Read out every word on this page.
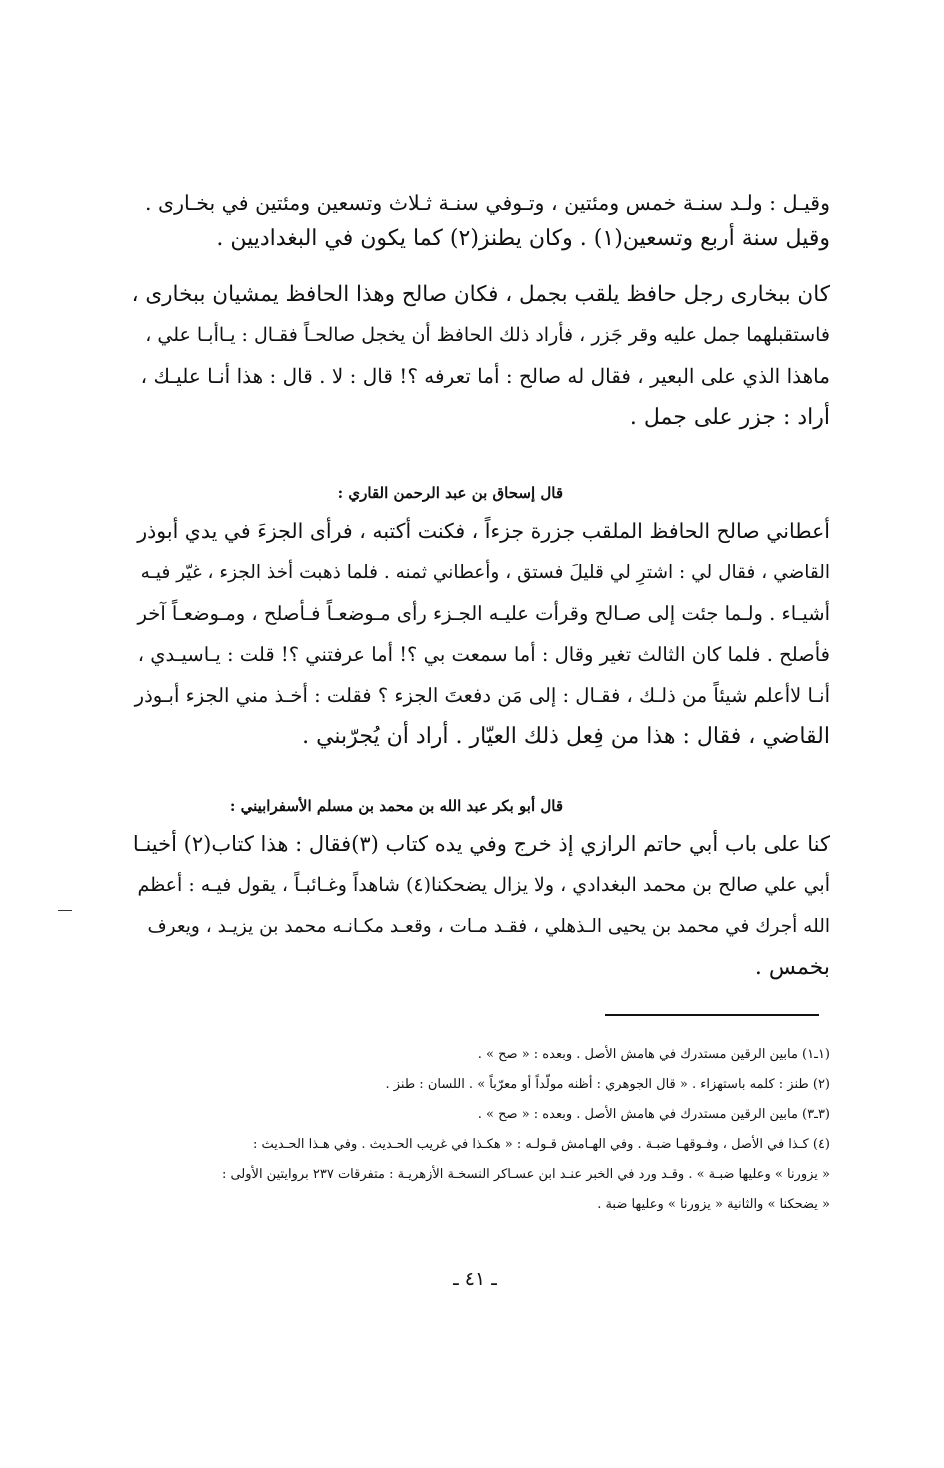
وقيـل : ولـد سنـة خمس ومئتين ، وتـوفي سنـة ثـلاث وتسعين ومئتين في بخـارى .
وقيل سنة أربع وتسعين(١) . وكان يطنز(٢) كما يكون في البغداديين .
كان ببخارى رجل حافظ يلقب بجمل ، فكان صالح وهذا الحافظ يمشيان ببخارى ،
فاستقبلهما جمل عليه وقر جَزر ، فأراد ذلك الحافظ أن يخجل صالحـاً فقـال : يـاأبـا علي ،
ماهذا الذي على البعير ، فقال له صالح : أما تعرفه ؟! قال : لا . قال : هذا أنـا عليـك ،
أراد : جزر على جمل .
قال إسحاق بن عبد الرحمن القاري :
أعطاني صالح الحافظ الملقب جزرة جزءاً ، فكنت أكتبه ، فرأى الجزءَ في يدي أبوذر
القاضي ، فقال لي : اشترِ لي قليلَ فستق ، وأعطاني ثمنه . فلما ذهبت أخذ الجزء ، غيّر فيـه
أشيـاء . ولـما جئت إلى صـالح وقرأت عليـه الجـزء رأى مـوضعـاً فـأصلح ، ومـوضعـاً آخر
فأصلح . فلما كان الثالث تغير وقال : أما سمعت بي ؟! أما عرفتني ؟! قلت : يـاسيـدي ،
أنـا لاأعلم شيئاً من ذلـك ، فقـال : إلى مَن دفعتَ الجزء ؟ فقلت : أخـذ مني الجزء أبـوذر
القاضي ، فقال : هذا من فِعل ذلك العيّار . أراد أن يُجرّبني .
قال أبو بكر عبد الله بن محمد بن مسلم الأسفرابيني :
كنا على باب أبي حاتم الرازي إذ خرج وفي يده كتاب (٣)فقال : هذا كتاب(٢) أخينـا
أبي علي صالح بن محمد البغدادي ، ولا يزال يضحكنا(٤) شاهداً وغـائبـاً ، يقول فيـه : أعظم
الله أجرك في محمد بن يحيى الـذهلي ، فقـد مـات ، وقعـد مكـانـه محمد بن يزيـد ، ويعرف
بخمس .
(١ـ١) مابين الرقين مستدرك في هامش الأصل . وبعده : « صح » .
(٢) طنز : كلمه باستهزاء . « قال الجوهري : أظنه مولّداً أو معرّباً » . اللسان : طنز .
(٣ـ٣) مابين الرقين مستدرك في هامش الأصل . وبعده : « صح » .
(٤) كـذا في الأصل ، وفـوقهـا ضبـة . وفي الهـامش قـولـه : « هكـذا في غريب الحـديث . وفي هـذا الحـديث :
« يزورنا » وعليها ضبـة » . وقـد ورد في الخبر عنـد ابن عسـاكر النسخـة الأزهريـة : متفرقات ٢٣٧ بروايتين الأولى :
« يضحكنا » والثانية « يزورنا » وعليها ضبة .
ـ ٤١ ـ
